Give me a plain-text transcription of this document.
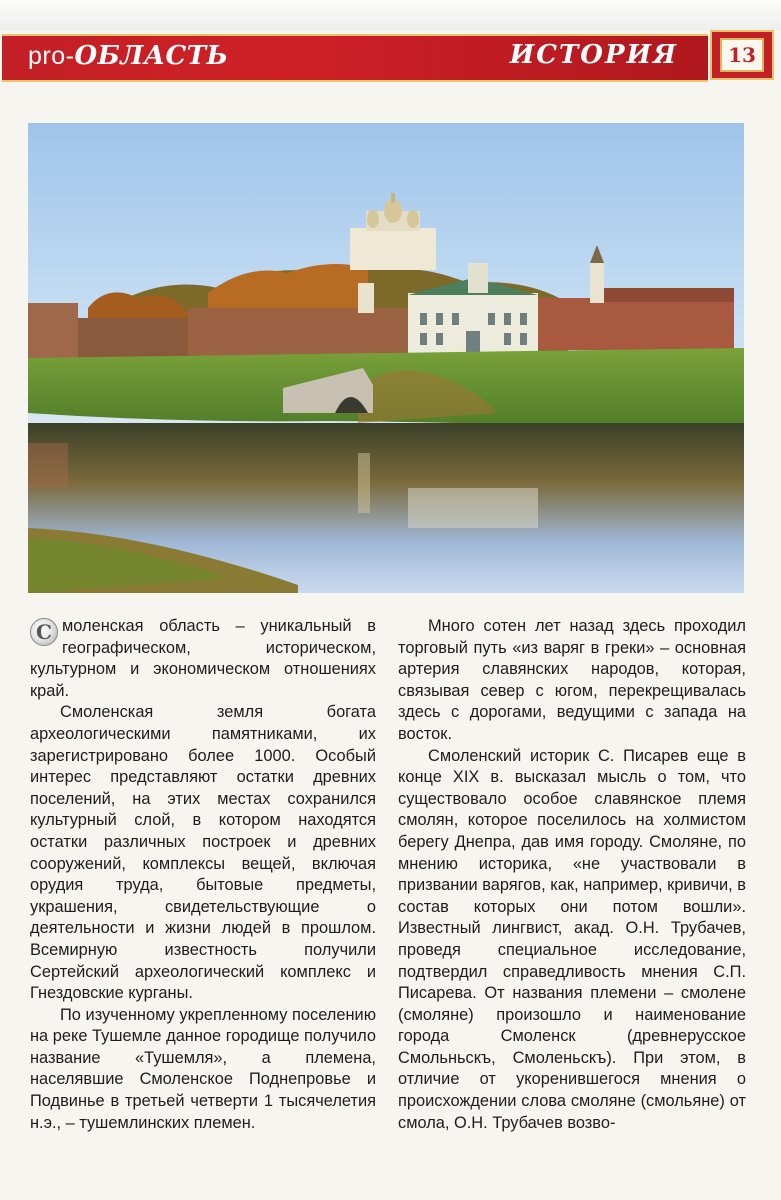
pro-ОБЛАСТЬ	ИСТОРИЯ	13

С моленская область – уникальный в географическом, историческом, культурном и экономическом отношениях край.

Смоленская земля богата археологическими памятниками, их зарегистрировано более 1000. Особый интерес представляют остатки древних поселений, на этих местах сохранился культурный слой, в котором находятся остатки различных построек и древних сооружений, комплексы вещей, включая орудия труда, бытовые предметы, украшения, свидетельствующие о деятельности и жизни людей в прошлом. Всемирную известность получили Сертейский археологический комплекс и Гнездовские курганы.

По изученному укрепленному поселению на реке Тушемле данное городище получило название «Тушемля», а племена, населявшие Смоленское Поднепровье и Подвинье в третьей четверти 1 тысячелетия н.э., – тушемлинских племен.

Много сотен лет назад здесь проходил торговый путь «из варяг в греки» – основная артерия славянских народов, которая, связывая север с югом, перекрещивалась здесь с дорогами, ведущими с запада на восток.

Смоленский историк С. Писарев еще в конце XIX в. высказал мысль о том, что существовало особое славянское племя смолян, которое поселилось на холмистом берегу Днепра, дав имя городу. Смоляне, по мнению историка, «не участвовали в призвании варягов, как, например, кривичи, в состав которых они потом вошли». Известный лингвист, акад. О.Н. Трубачев, проведя специальное исследование, подтвердил справедливость мнения С.П. Писарева. От названия племени – смолене (смоляне) произошло и наименование города Смоленск (древнерусское Смольньскъ, Смоленьскъ). При этом, в отличие от укоренившегося мнения о происхождении слова смоляне (смольяне) от смола, О.Н. Трубачев возво-
